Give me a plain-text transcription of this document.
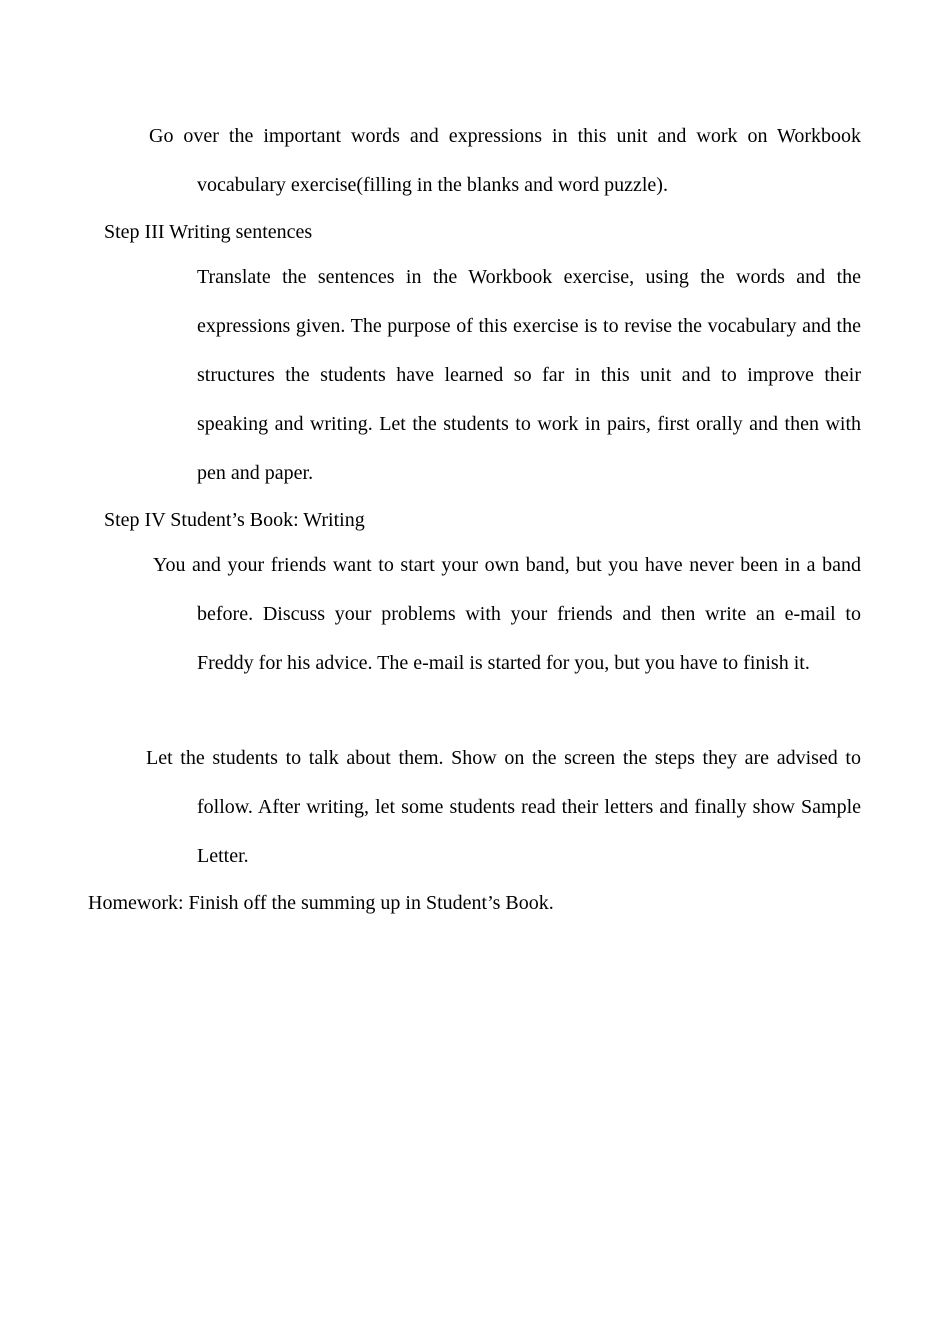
Go over the important words and expressions in this unit and work on Workbook vocabulary exercise(filling in the blanks and word puzzle).

Step III Writing sentences

Translate the sentences in the Workbook exercise, using the words and the expressions given. The purpose of this exercise is to revise the vocabulary and the structures the students have learned so far in this unit and to improve their speaking and writing. Let the students to work in pairs, first orally and then with pen and paper.

Step IV Student’s Book: Writing

You and your friends want to start your own band, but you have never been in a band before. Discuss your problems with your friends and then write an e-mail to Freddy for his advice. The e-mail is started for you, but you have to finish it.

Let the students to talk about them. Show on the screen the steps they are advised to follow. After writing, let some students read their letters and finally show Sample Letter.

Homework: Finish off the summing up in Student’s Book.
